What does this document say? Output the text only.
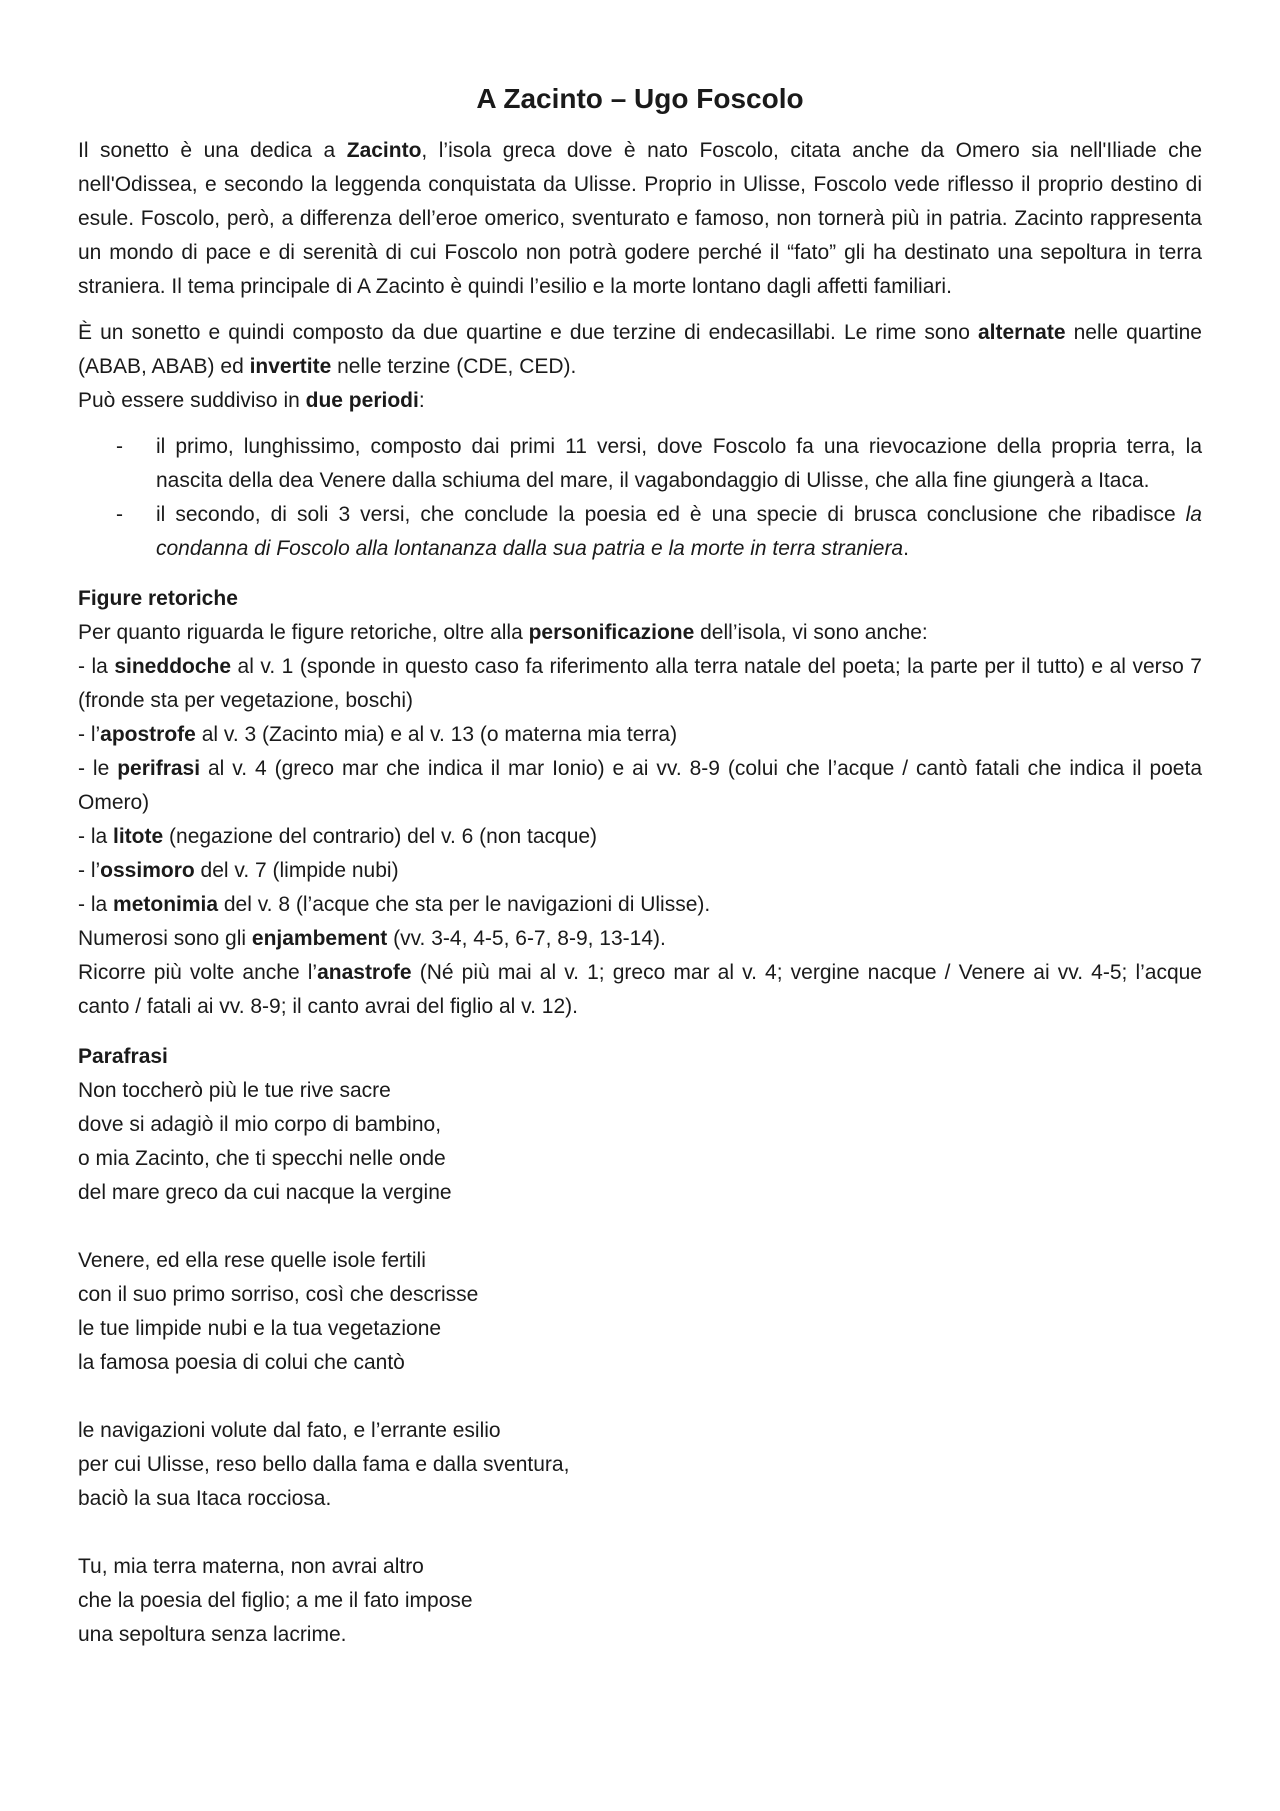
A Zacinto – Ugo Foscolo

Il sonetto è una dedica a Zacinto, l’isola greca dove è nato Foscolo, citata anche da Omero sia nell'Iliade che nell'Odissea, e secondo la leggenda conquistata da Ulisse. Proprio in Ulisse, Foscolo vede riflesso il proprio destino di esule. Foscolo, però, a differenza dell’eroe omerico, sventurato e famoso, non tornerà più in patria. Zacinto rappresenta un mondo di pace e di serenità di cui Foscolo non potrà godere perché il “fato” gli ha destinato una sepoltura in terra straniera. Il tema principale di A Zacinto è quindi l’esilio e la morte lontano dagli affetti familiari.

È un sonetto e quindi composto da due quartine e due terzine di endecasillabi. Le rime sono alternate nelle quartine (ABAB, ABAB) ed invertite nelle terzine (CDE, CED).

Può essere suddiviso in due periodi:

- il primo, lunghissimo, composto dai primi 11 versi, dove Foscolo fa una rievocazione della propria terra, la nascita della dea Venere dalla schiuma del mare, il vagabondaggio di Ulisse, che alla fine giungerà a Itaca.
- il secondo, di soli 3 versi, che conclude la poesia ed è una specie di brusca conclusione che ribadisce la condanna di Foscolo alla lontananza dalla sua patria e la morte in terra straniera.

Figure retoriche

Per quanto riguarda le figure retoriche, oltre alla personificazione dell’isola, vi sono anche:

- la sineddoche al v. 1 (sponde in questo caso fa riferimento alla terra natale del poeta; la parte per il tutto) e al verso 7 (fronde sta per vegetazione, boschi)

- l’apostrofe al v. 3 (Zacinto mia) e al v. 13 (o materna mia terra)

- le perifrasi al v. 4 (greco mar che indica il mar Ionio) e ai vv. 8-9 (colui che l’acque / cantò fatali che indica il poeta Omero)

- la litote (negazione del contrario) del v. 6 (non tacque)

- l’ossimoro del v. 7 (limpide nubi)

- la metonimia del v. 8 (l’acque che sta per le navigazioni di Ulisse).

Numerosi sono gli enjambement (vv. 3-4, 4-5, 6-7, 8-9, 13-14).

Ricorre più volte anche l’anastrofe (Né più mai al v. 1; greco mar al v. 4; vergine nacque / Venere ai vv. 4-5; l’acque canto / fatali ai vv. 8-9; il canto avrai del figlio al v. 12).

Parafrasi

Non toccherò più le tue rive sacre

dove si adagiò il mio corpo di bambino,

o mia Zacinto, che ti specchi nelle onde

del mare greco da cui nacque la vergine

Venere, ed ella rese quelle isole fertili

con il suo primo sorriso, così che descrisse

le tue limpide nubi e la tua vegetazione

la famosa poesia di colui che cantò

le navigazioni volute dal fato, e l’errante esilio

per cui Ulisse, reso bello dalla fama e dalla sventura,

baciò la sua Itaca rocciosa.

Tu, mia terra materna, non avrai altro

che la poesia del figlio; a me il fato impose

una sepoltura senza lacrime.
